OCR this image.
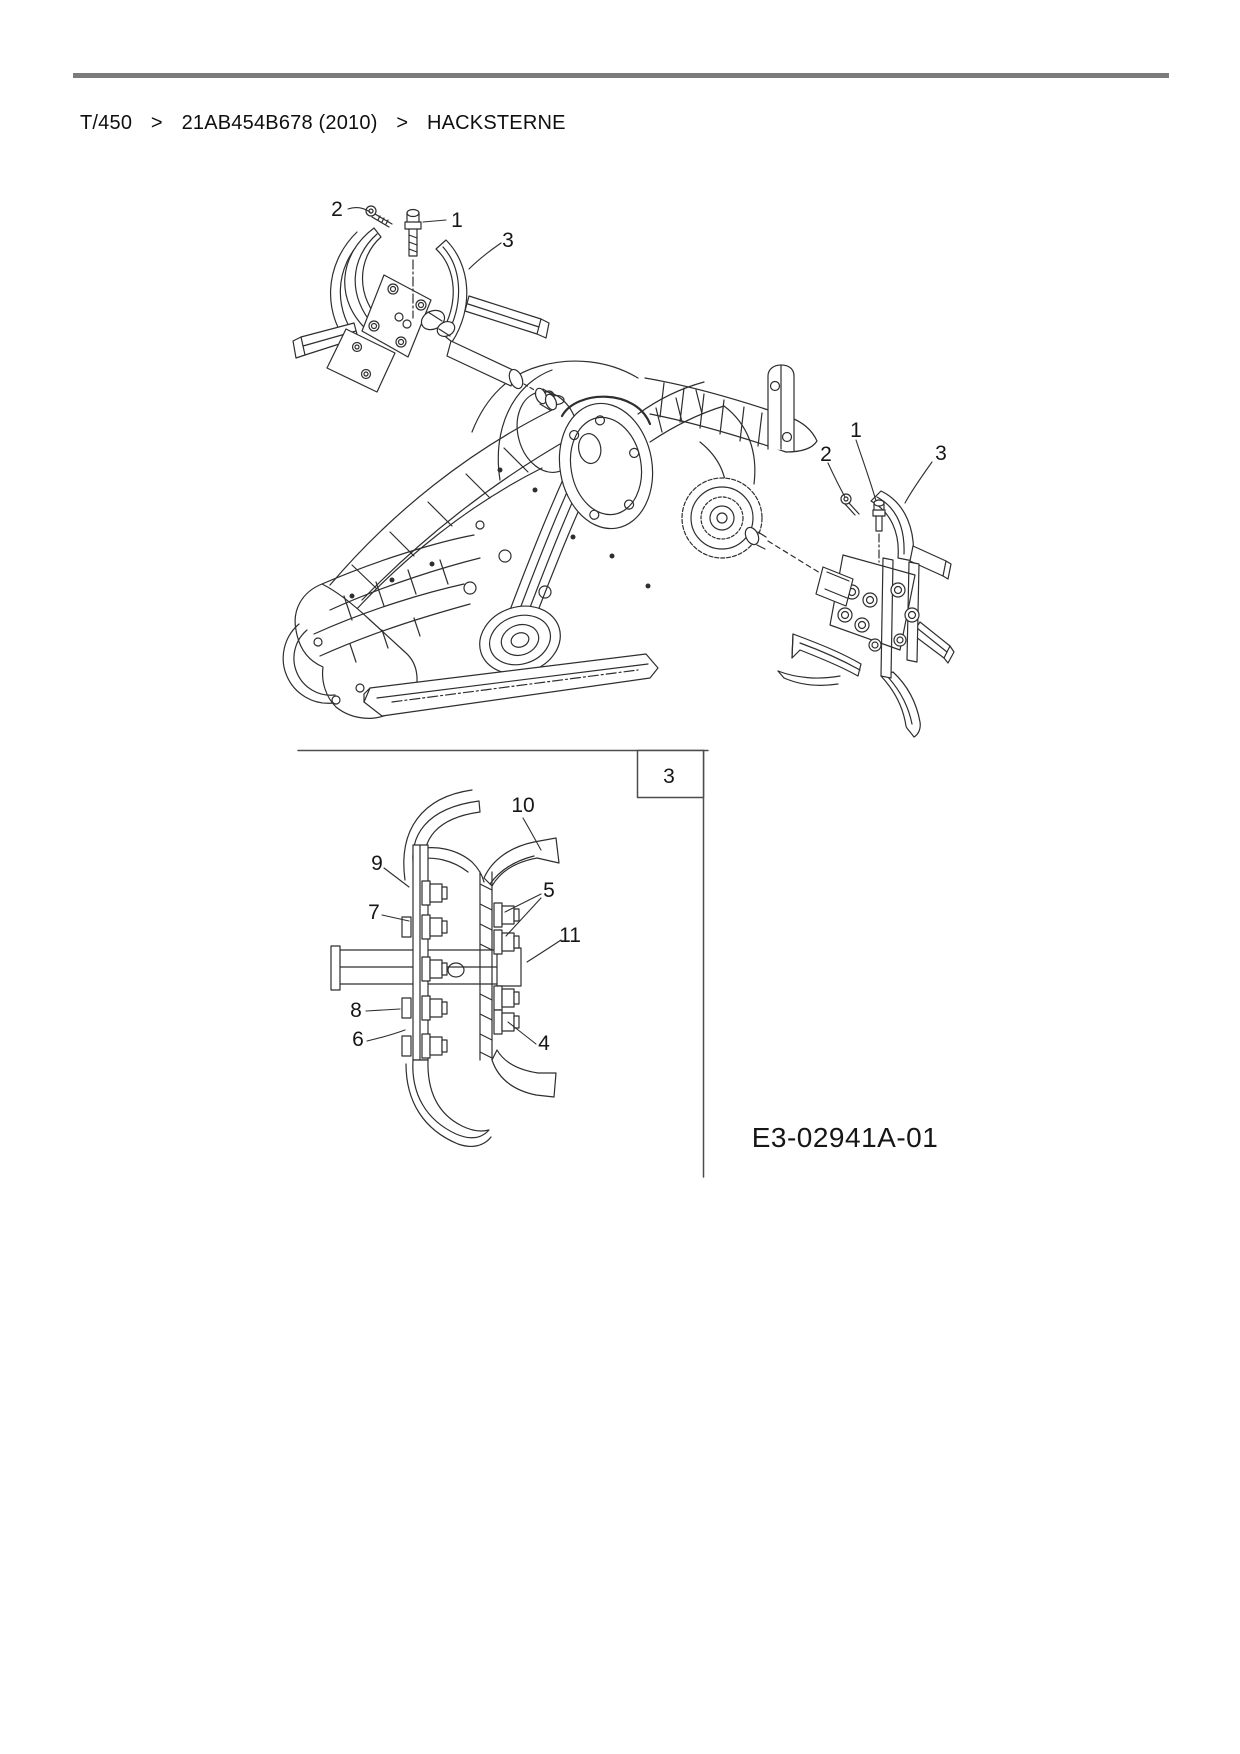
T/450 > 21AB454B678 (2010) > HACKSTERNE
2	1
3
2
1
3
10
9
7
5
11
8
6	4
3
E3-02941A-01
